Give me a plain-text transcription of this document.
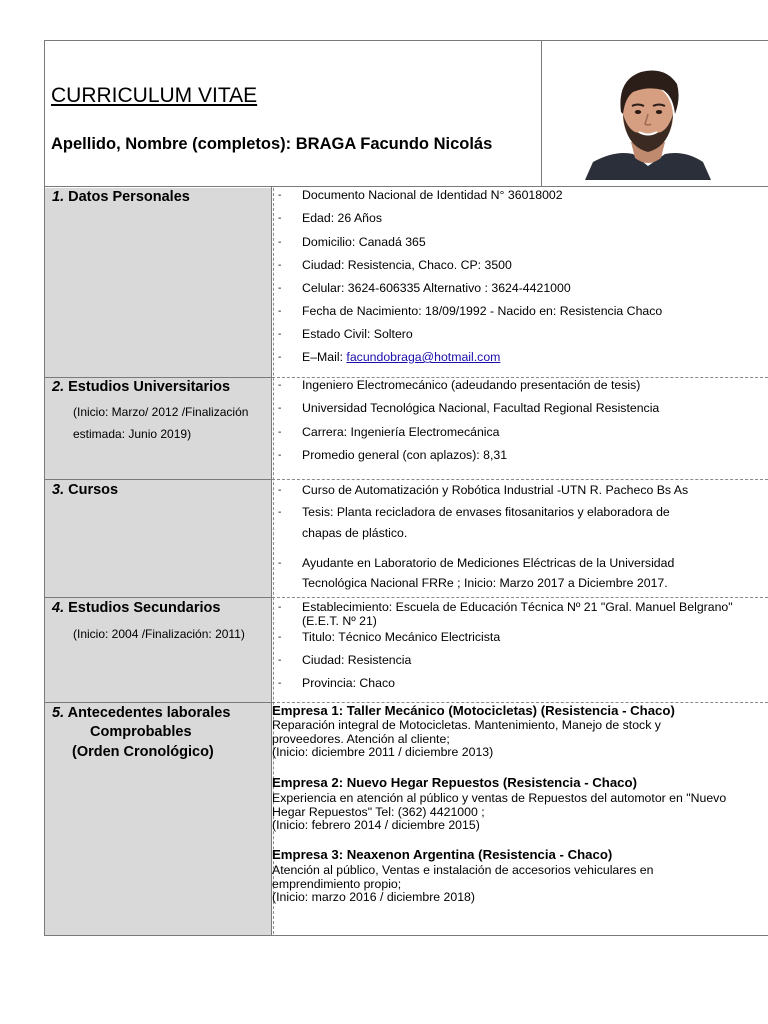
CURRICULUM VITAE
Apellido, Nombre (completos): BRAGA Facundo Nicolás
1. Datos Personales	- Documento Nacional de Identidad N° 36018002
- Edad: 26 Años
- Domicilio: Canadá 365
- Ciudad: Resistencia, Chaco. CP: 3500
- Celular: 3624-606335 Alternativo : 3624-4421000
- Fecha de Nacimiento: 18/09/1992 - Nacido en: Resistencia Chaco
- Estado Civil: Soltero
- E–Mail: facundobraga@hotmail.com
2. Estudios Universitarios
(Inicio: Marzo/ 2012 /Finalización
estimada: Junio 2019)
- Ingeniero Electromecánico (adeudando presentación de tesis)
- Universidad Tecnológica Nacional, Facultad Regional Resistencia
- Carrera: Ingeniería Electromecánica
- Promedio general (con aplazos): 8,31
3. Cursos	- Curso de Automatización y Robótica Industrial -UTN R. Pacheco Bs As
- Tesis: Planta recicladora de envases fitosanitarios y elaboradora de
chapas de plástico.
- Ayudante en Laboratorio de Mediciones Eléctricas de la Universidad
Tecnológica Nacional FRRe ; Inicio: Marzo 2017 a Diciembre 2017.
4. Estudios Secundarios
(Inicio: 2004 /Finalización: 2011)
- Establecimiento: Escuela de Educación Técnica Nº 21 "Gral. Manuel Belgrano"
(E.E.T. Nº 21)
- Titulo: Técnico Mecánico Electricista
- Ciudad: Resistencia
- Provincia: Chaco
5. Antecedentes laborales
Comprobables
(Orden Cronológico)
Empresa 1: Taller Mecánico (Motocicletas) (Resistencia - Chaco)
Reparación integral de Motocicletas. Mantenimiento, Manejo de stock y
proveedores. Atención al cliente;
(Inicio: diciembre 2011 / diciembre 2013)
Empresa 2: Nuevo Hegar Repuestos (Resistencia - Chaco)
Experiencia en atención al público y ventas de Repuestos del automotor en "Nuevo
Hegar Repuestos" Tel: (362) 4421000 ;
(Inicio: febrero 2014 / diciembre 2015)
Empresa 3: Neaxenon Argentina (Resistencia - Chaco)
Atención al público, Ventas e instalación de accesorios vehiculares en
emprendimiento propio;
(Inicio: marzo 2016 / diciembre 2018)
